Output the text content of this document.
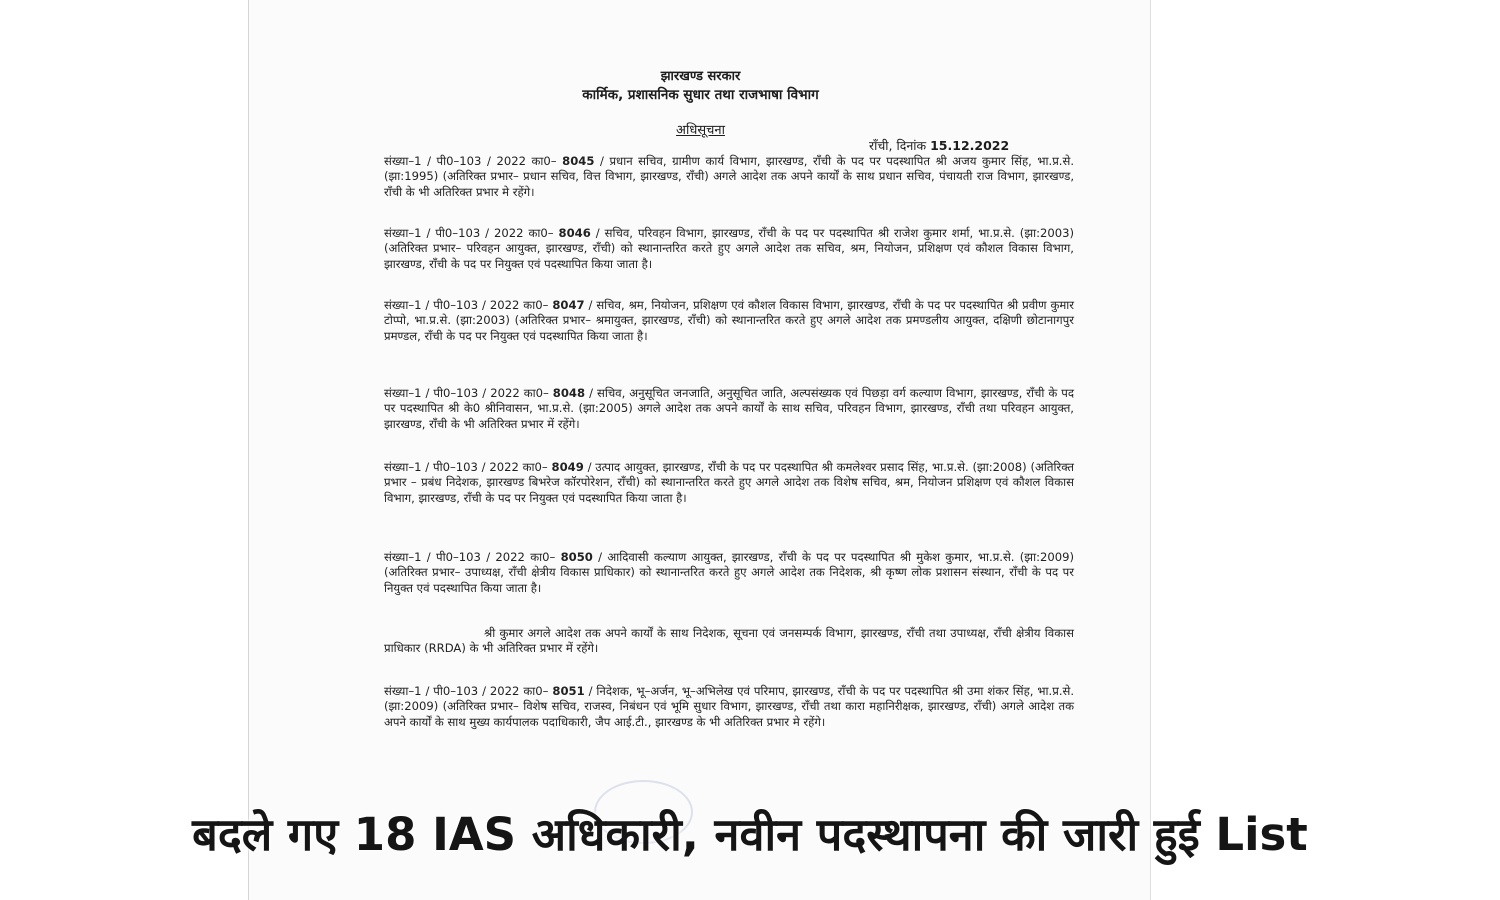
झारखण्ड सरकार
कार्मिक, प्रशासनिक सुधार तथा राजभाषा विभाग
अधिसूचना
राँची, दिनांक 15.12.2022

संख्या–1 / पी0–103 / 2022 का0– 8045 / प्रधान सचिव, ग्रामीण कार्य विभाग, झारखण्ड, राँची के पद पर पदस्थापित श्री अजय कुमार सिंह, भा.प्र.से. (झा:1995) (अतिरिक्त प्रभार– प्रधान सचिव, वित्त विभाग, झारखण्ड, राँची) अगले आदेश तक अपने कार्यों के साथ प्रधान सचिव, पंचायती राज विभाग, झारखण्ड, राँची के भी अतिरिक्त प्रभार मे रहेंगे।

संख्या–1 / पी0–103 / 2022 का0– 8046 / सचिव, परिवहन विभाग, झारखण्ड, राँची के पद पर पदस्थापित श्री राजेश कुमार शर्मा, भा.प्र.से. (झा:2003) (अतिरिक्त प्रभार– परिवहन आयुक्त, झारखण्ड, राँची) को स्थानान्तरित करते हुए अगले आदेश तक सचिव, श्रम, नियोजन, प्रशिक्षण एवं कौशल विकास विभाग, झारखण्ड, राँची के पद पर नियुक्त एवं पदस्थापित किया जाता है।

संख्या–1 / पी0–103 / 2022 का0– 8047 / सचिव, श्रम, नियोजन, प्रशिक्षण एवं कौशल विकास विभाग, झारखण्ड, राँची के पद पर पदस्थापित श्री प्रवीण कुमार टोप्पो, भा.प्र.से. (झा:2003) (अतिरिक्त प्रभार– श्रमायुक्त, झारखण्ड, राँची) को स्थानान्तरित करते हुए अगले आदेश तक प्रमण्डलीय आयुक्त, दक्षिणी छोटानागपुर प्रमण्डल, राँची के पद पर नियुक्त एवं पदस्थापित किया जाता है।

संख्या–1 / पी0–103 / 2022 का0– 8048 / सचिव, अनुसूचित जनजाति, अनुसूचित जाति, अल्पसंख्यक एवं पिछड़ा वर्ग कल्याण विभाग, झारखण्ड, राँची के पद पर पदस्थापित श्री के0 श्रीनिवासन, भा.प्र.से. (झा:2005) अगले आदेश तक अपने कार्यों के साथ सचिव, परिवहन विभाग, झारखण्ड, राँची तथा परिवहन आयुक्त, झारखण्ड, राँची के भी अतिरिक्त प्रभार में रहेंगे।

संख्या–1 / पी0–103 / 2022 का0– 8049 / उत्पाद आयुक्त, झारखण्ड, राँची के पद पर पदस्थापित श्री कमलेश्वर प्रसाद सिंह, भा.प्र.से. (झा:2008) (अतिरिक्त प्रभार – प्रबंध निदेशक, झारखण्ड बिभरेज कॉरपोरेशन, राँची) को स्थानान्तरित करते हुए अगले आदेश तक विशेष सचिव, श्रम, नियोजन प्रशिक्षण एवं कौशल विकास विभाग, झारखण्ड, राँची के पद पर नियुक्त एवं पदस्थापित किया जाता है।

संख्या–1 / पी0–103 / 2022 का0– 8050 / आदिवासी कल्याण आयुक्त, झारखण्ड, राँची के पद पर पदस्थापित श्री मुकेश कुमार, भा.प्र.से. (झा:2009) (अतिरिक्त प्रभार– उपाध्यक्ष, राँची क्षेत्रीय विकास प्राधिकार) को स्थानान्तरित करते हुए अगले आदेश तक निदेशक, श्री कृष्ण लोक प्रशासन संस्थान, राँची के पद पर नियुक्त एवं पदस्थापित किया जाता है।

श्री कुमार अगले आदेश तक अपने कार्यों के साथ निदेशक, सूचना एवं जनसम्पर्क विभाग, झारखण्ड, राँची तथा उपाध्यक्ष, राँची क्षेत्रीय विकास प्राधिकार (RRDA) के भी अतिरिक्त प्रभार में रहेंगे।

संख्या–1 / पी0–103 / 2022 का0– 8051 / निदेशक, भू–अर्जन, भू–अभिलेख एवं परिमाप, झारखण्ड, राँची के पद पर पदस्थापित श्री उमा शंकर सिंह, भा.प्र.से. (झा:2009) (अतिरिक्त प्रभार– विशेष सचिव, राजस्व, निबंधन एवं भूमि सुधार विभाग, झारखण्ड, राँची तथा कारा महानिरीक्षक, झारखण्ड, राँची) अगले आदेश तक अपने कार्यों के साथ मुख्य कार्यपालक पदाधिकारी, जैप आई.टी., झारखण्ड के भी अतिरिक्त प्रभार मे रहेंगे।

बदले गए 18 IAS अधिकारी, नवीन पदस्थापना की जारी हुई List
